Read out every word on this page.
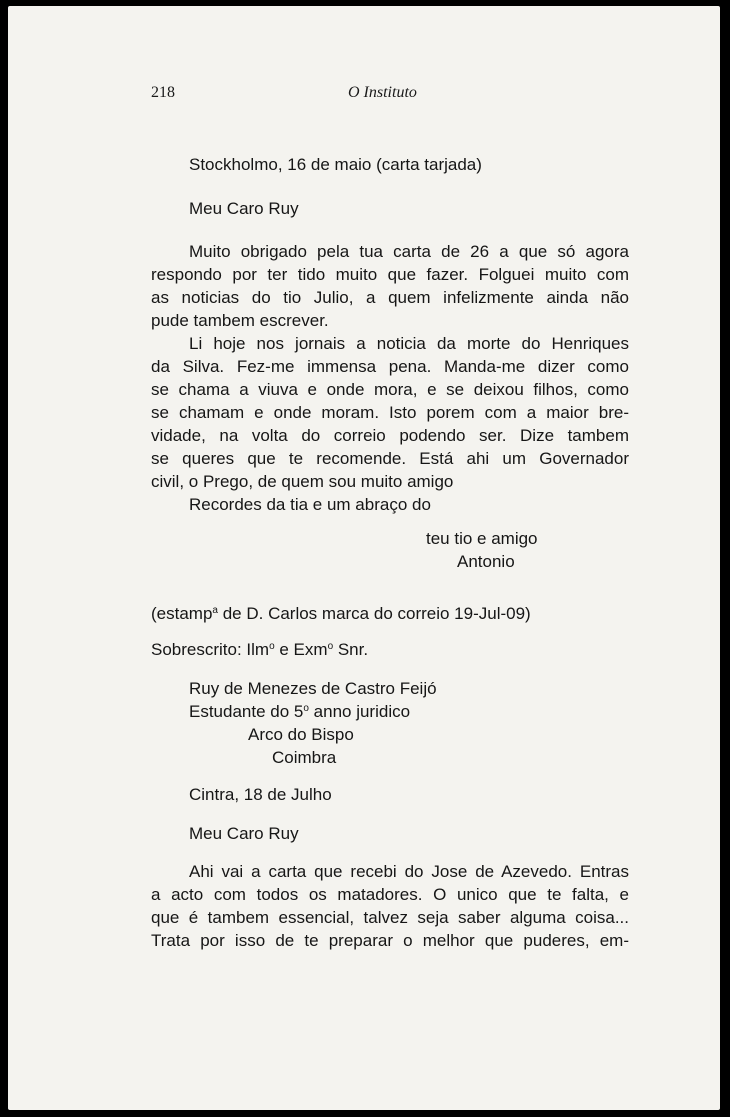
218	O Instituto
Stockholmo, 16 de maio (carta tarjada)
Meu Caro Ruy
Muito obrigado pela tua carta de 26 a que só agora
respondo por ter tido muito que fazer. Folguei muito com
as noticias do tio Julio, a quem infelizmente ainda não
pude tambem escrever.
Li hoje nos jornais a noticia da morte do Henriques
da Silva. Fez-me immensa pena. Manda-me dizer como
se chama a viuva e onde mora, e se deixou filhos, como
se chamam e onde moram. Isto porem com a maior bre-
vidade, na volta do correio podendo ser. Dize tambem
se queres que te recomende. Está ahi um Governador
civil, o Prego, de quem sou muito amigo
Recordes da tia e um abraço do
teu tio e amigo
Antonio
(estamp$^a$ de D. Carlos marca do correio 19-Jul-09)
Sobrescrito: Ilm$^o$ e Exm$^o$ Snr.
Ruy de Menezes de Castro Feijó
Estudante do 5$^o$ anno juridico
Arco do Bispo
Coimbra
Cintra, 18 de Julho
Meu Caro Ruy
Ahi vai a carta que recebi do Jose de Azevedo. Entras
a acto com todos os matadores. O unico que te falta, e
que é tambem essencial, talvez seja saber alguma coisa...
Trata por isso de te preparar o melhor que puderes, em-
